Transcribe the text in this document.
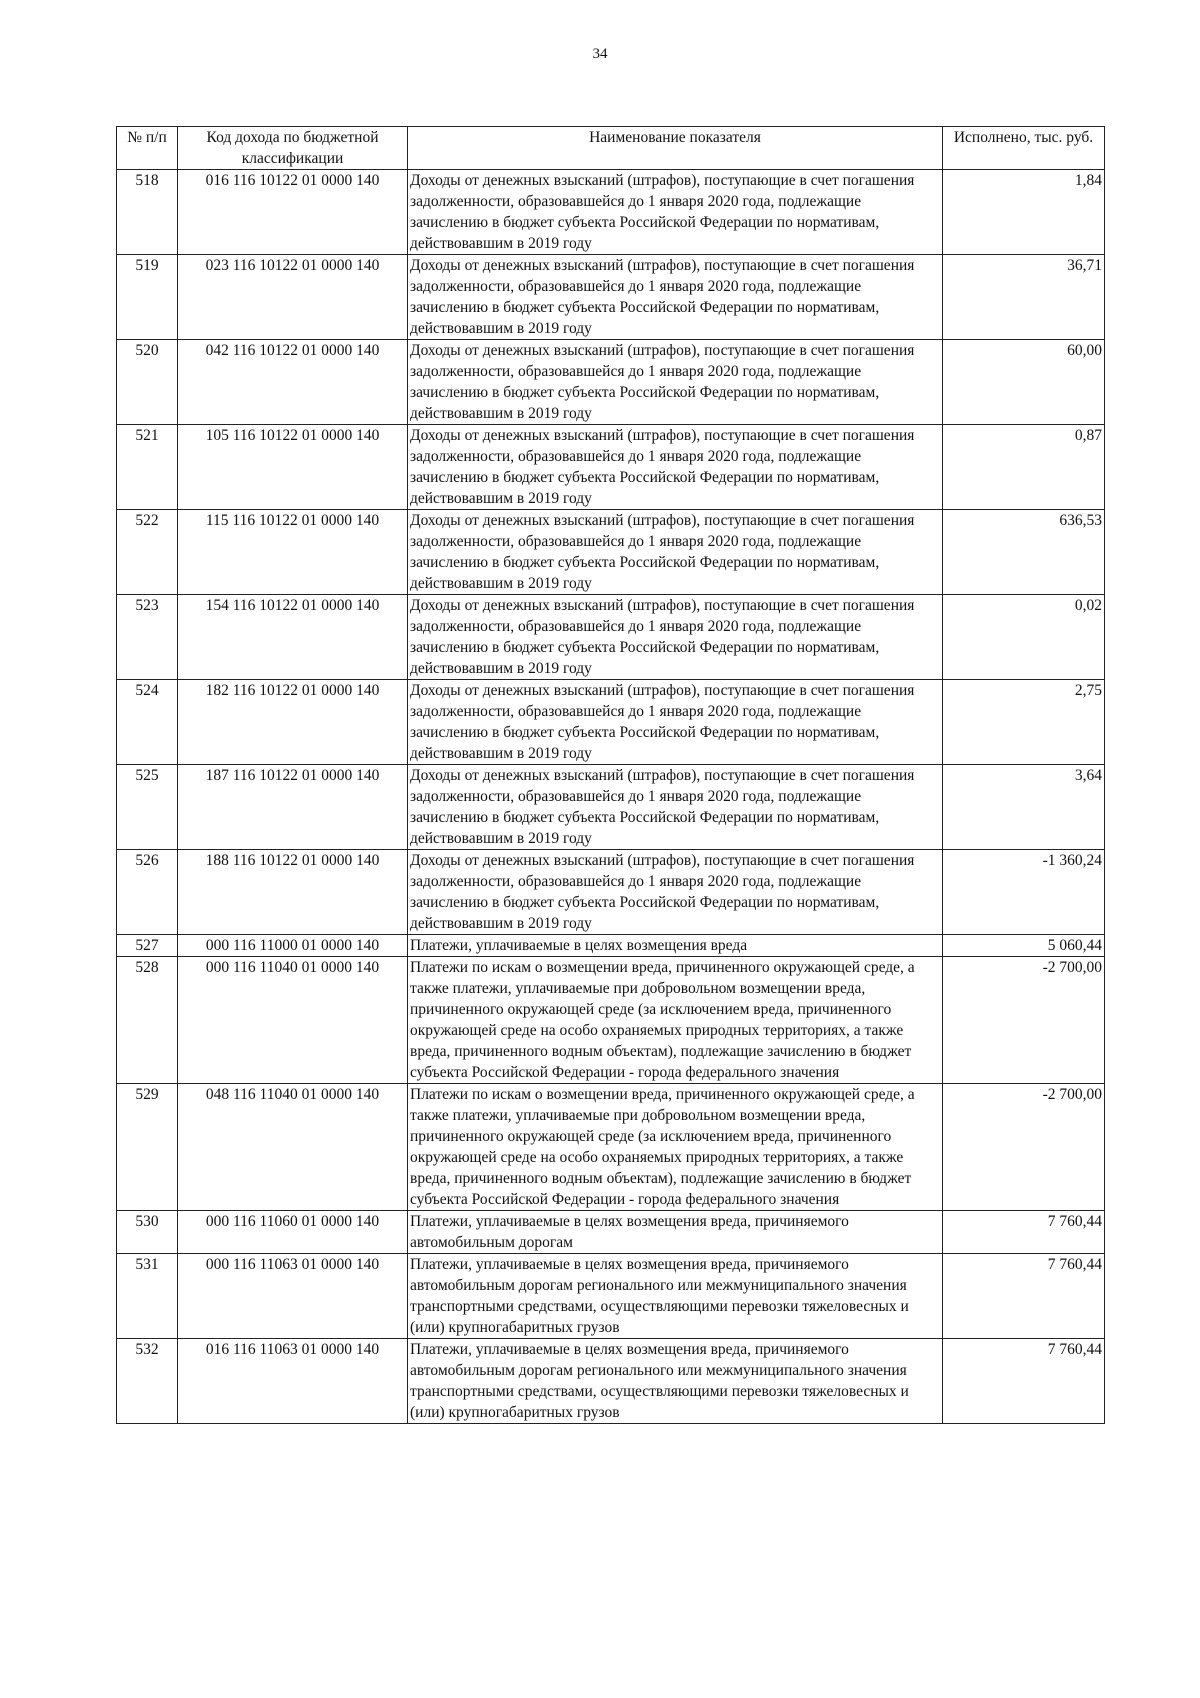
34
№ п/п	Код дохода по бюджетной классификации	Наименование показателя	Исполнено, тыс. руб.
518	016 116 10122 01 0000 140	Доходы от денежных взысканий (штрафов), поступающие в счет погашения задолженности, образовавшейся до 1 января 2020 года, подлежащие зачислению в бюджет субъекта Российской Федерации по нормативам, действовавшим в 2019 году	1,84
519	023 116 10122 01 0000 140	Доходы от денежных взысканий (штрафов), поступающие в счет погашения задолженности, образовавшейся до 1 января 2020 года, подлежащие зачислению в бюджет субъекта Российской Федерации по нормативам, действовавшим в 2019 году	36,71
520	042 116 10122 01 0000 140	Доходы от денежных взысканий (штрафов), поступающие в счет погашения задолженности, образовавшейся до 1 января 2020 года, подлежащие зачислению в бюджет субъекта Российской Федерации по нормативам, действовавшим в 2019 году	60,00
521	105 116 10122 01 0000 140	Доходы от денежных взысканий (штрафов), поступающие в счет погашения задолженности, образовавшейся до 1 января 2020 года, подлежащие зачислению в бюджет субъекта Российской Федерации по нормативам, действовавшим в 2019 году	0,87
522	115 116 10122 01 0000 140	Доходы от денежных взысканий (штрафов), поступающие в счет погашения задолженности, образовавшейся до 1 января 2020 года, подлежащие зачислению в бюджет субъекта Российской Федерации по нормативам, действовавшим в 2019 году	636,53
523	154 116 10122 01 0000 140	Доходы от денежных взысканий (штрафов), поступающие в счет погашения задолженности, образовавшейся до 1 января 2020 года, подлежащие зачислению в бюджет субъекта Российской Федерации по нормативам, действовавшим в 2019 году	0,02
524	182 116 10122 01 0000 140	Доходы от денежных взысканий (штрафов), поступающие в счет погашения задолженности, образовавшейся до 1 января 2020 года, подлежащие зачислению в бюджет субъекта Российской Федерации по нормативам, действовавшим в 2019 году	2,75
525	187 116 10122 01 0000 140	Доходы от денежных взысканий (штрафов), поступающие в счет погашения задолженности, образовавшейся до 1 января 2020 года, подлежащие зачислению в бюджет субъекта Российской Федерации по нормативам, действовавшим в 2019 году	3,64
526	188 116 10122 01 0000 140	Доходы от денежных взысканий (штрафов), поступающие в счет погашения задолженности, образовавшейся до 1 января 2020 года, подлежащие зачислению в бюджет субъекта Российской Федерации по нормативам, действовавшим в 2019 году	-1 360,24
527	000 116 11000 01 0000 140	Платежи, уплачиваемые в целях возмещения вреда	5 060,44
528	000 116 11040 01 0000 140	Платежи по искам о возмещении вреда, причиненного окружающей среде, а также платежи, уплачиваемые при добровольном возмещении вреда, причиненного окружающей среде (за исключением вреда, причиненного окружающей среде на особо охраняемых природных территориях, а также вреда, причиненного водным объектам), подлежащие зачислению в бюджет субъекта Российской Федерации - города федерального значения	-2 700,00
529	048 116 11040 01 0000 140	Платежи по искам о возмещении вреда, причиненного окружающей среде, а также платежи, уплачиваемые при добровольном возмещении вреда, причиненного окружающей среде (за исключением вреда, причиненного окружающей среде на особо охраняемых природных территориях, а также вреда, причиненного водным объектам), подлежащие зачислению в бюджет субъекта Российской Федерации - города федерального значения	-2 700,00
530	000 116 11060 01 0000 140	Платежи, уплачиваемые в целях возмещения вреда, причиняемого автомобильным дорогам	7 760,44
531	000 116 11063 01 0000 140	Платежи, уплачиваемые в целях возмещения вреда, причиняемого автомобильным дорогам регионального или межмуниципального значения транспортными средствами, осуществляющими перевозки тяжеловесных и (или) крупногабаритных грузов	7 760,44
532	016 116 11063 01 0000 140	Платежи, уплачиваемые в целях возмещения вреда, причиняемого автомобильным дорогам регионального или межмуниципального значения транспортными средствами, осуществляющими перевозки тяжеловесных и (или) крупногабаритных грузов	7 760,44
